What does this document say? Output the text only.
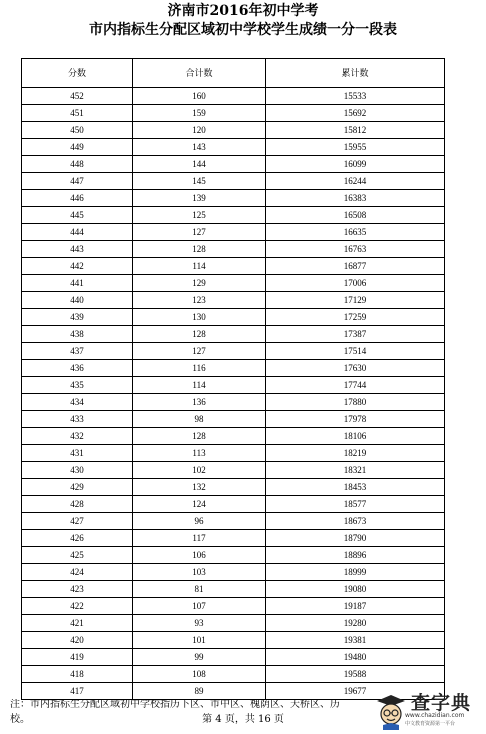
济南市2016年初中学考
市内指标生分配区域初中学校学生成绩一分一段表
分数	合计数	累计数
452	160	15533
451	159	15692
450	120	15812
449	143	15955
448	144	16099
447	145	16244
446	139	16383
445	125	16508
444	127	16635
443	128	16763
442	114	16877
441	129	17006
440	123	17129
439	130	17259
438	128	17387
437	127	17514
436	116	17630
435	114	17744
434	136	17880
433	98	17978
432	128	18106
431	113	18219
430	102	18321
429	132	18453
428	124	18577
427	96	18673
426	117	18790
425	106	18896
424	103	18999
423	81	19080
422	107	19187
421	93	19280
420	101	19381
419	99	19480
418	108	19588
417	89	19677
注：市内指标生分配区域初中学校指历下区、市中区、槐荫区、天桥区、历
校。	第 4 页，共 16 页
查字典
www.chazidian.com
中文教育资源第一平台
